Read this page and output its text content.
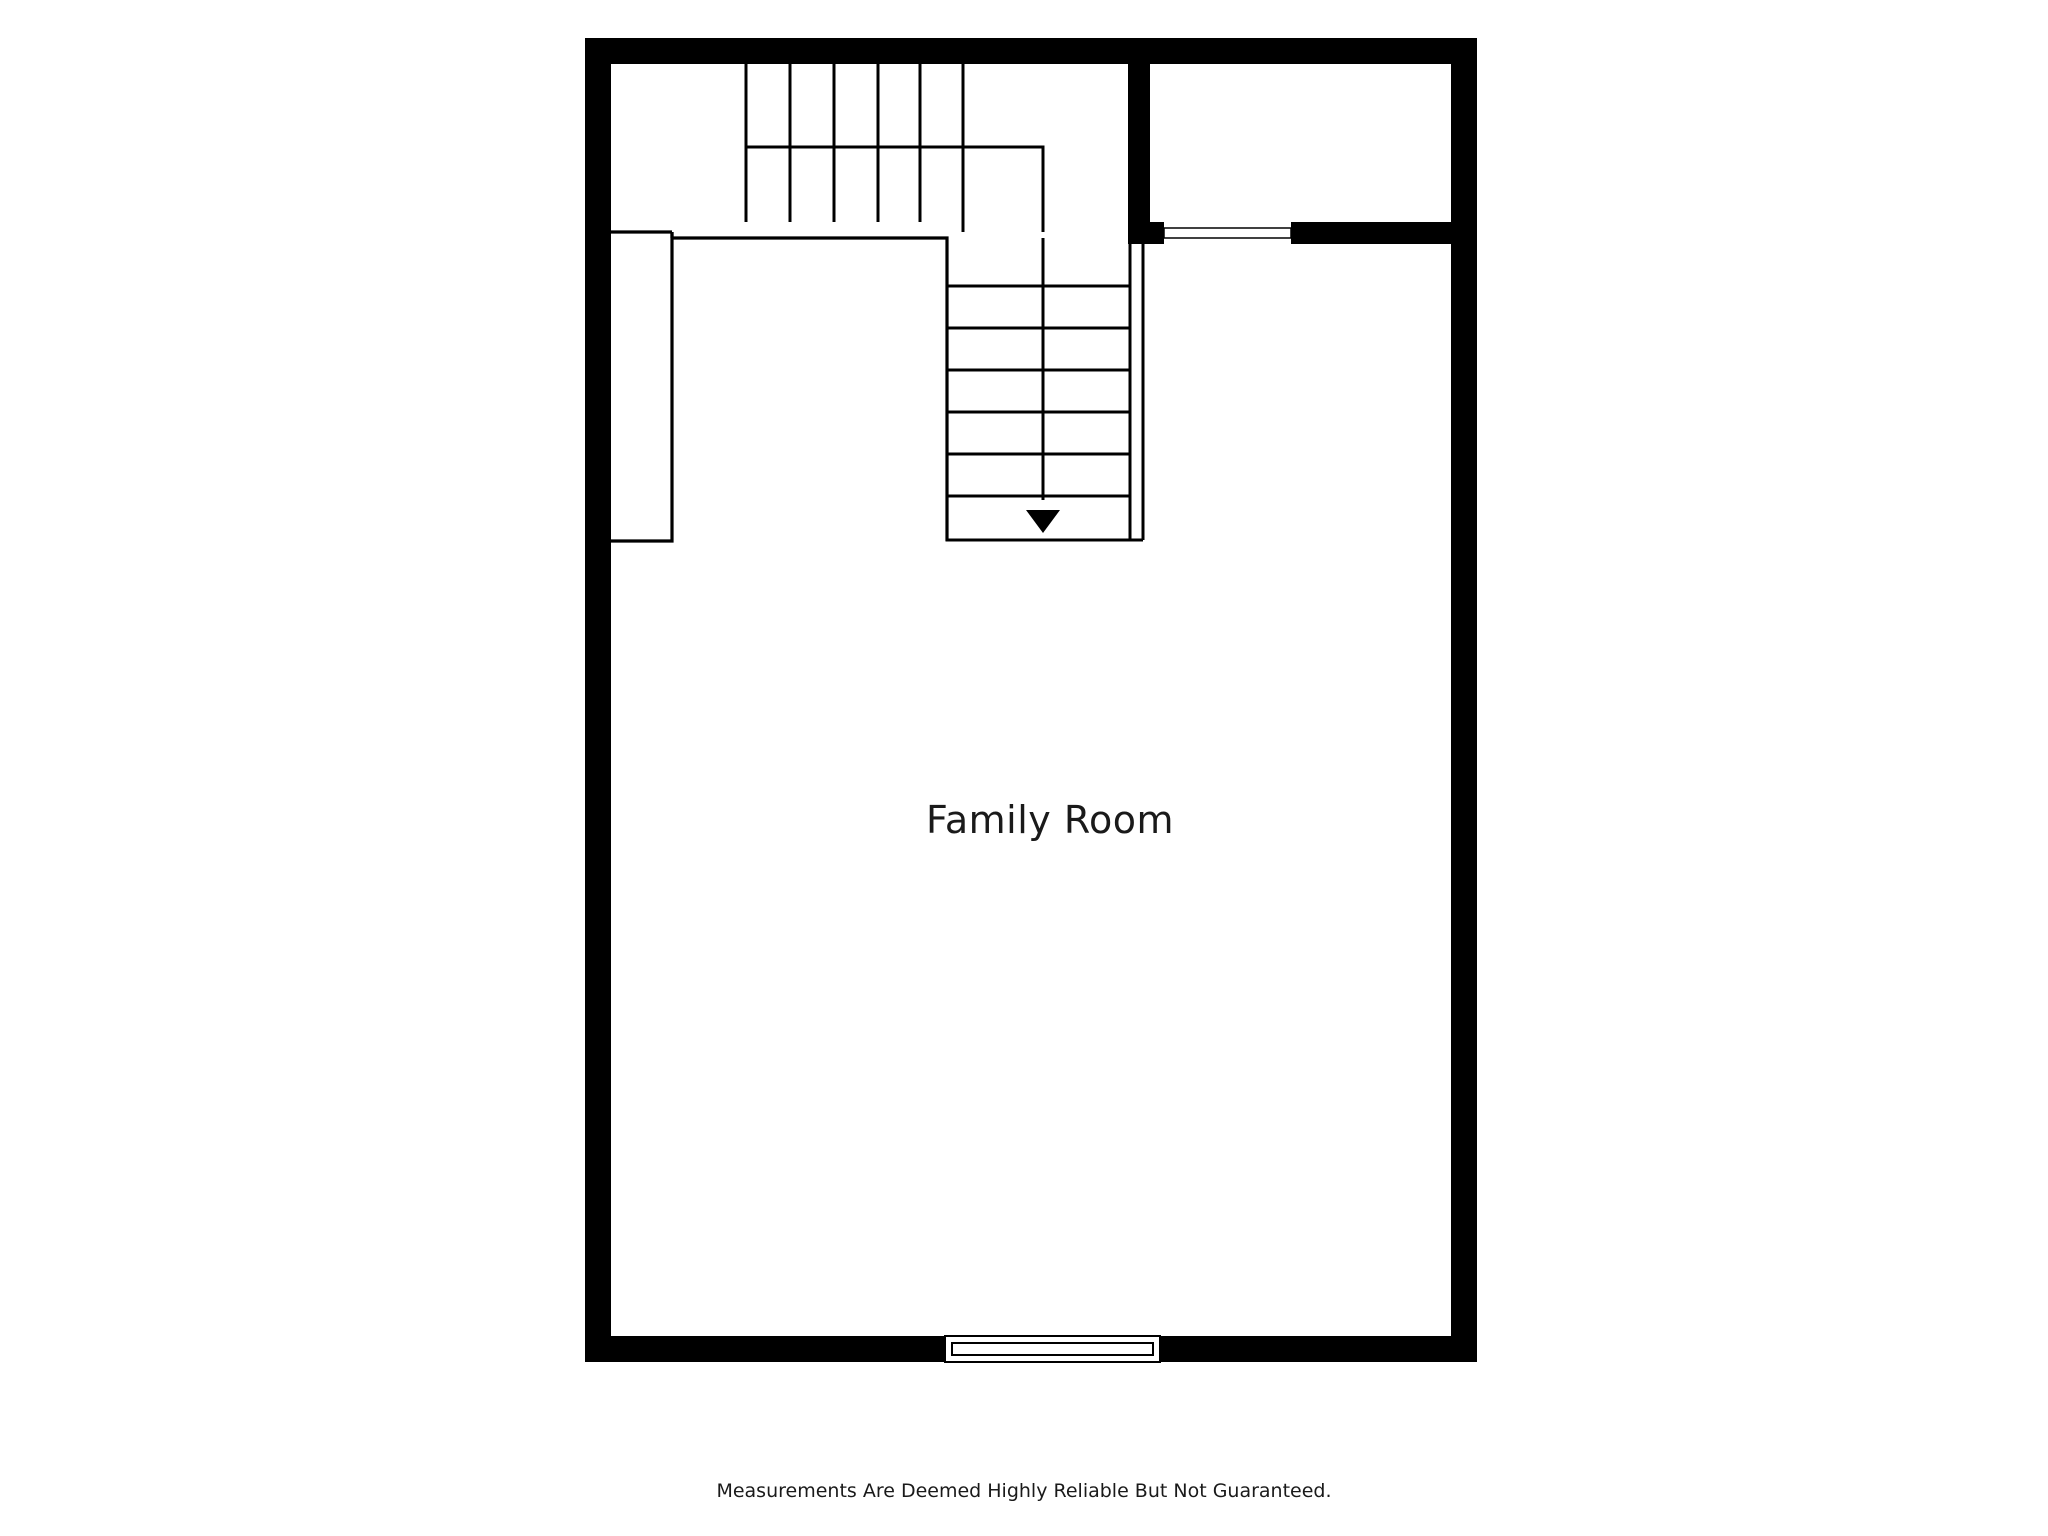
Family Room
Measurements Are Deemed Highly Reliable But Not Guaranteed.
